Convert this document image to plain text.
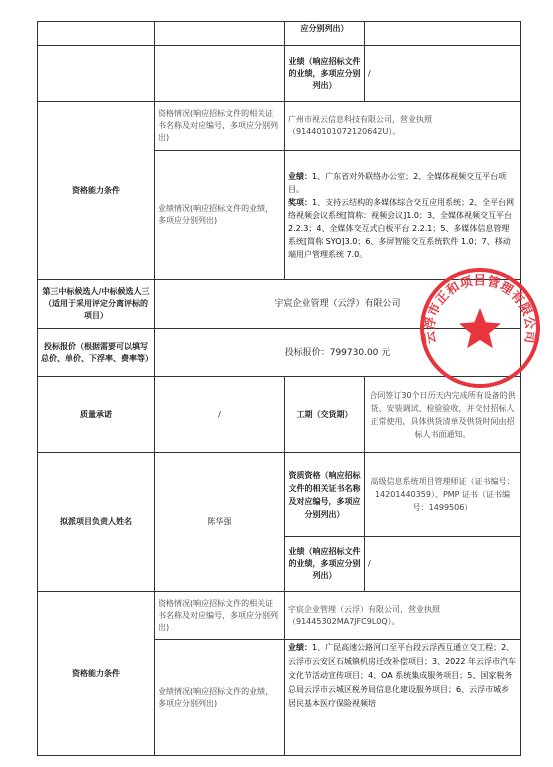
		应分别列出）	
		业绩（响应招标文件的业绩，多项应分别列出）	/
资格能力条件	资格情况(响应招标文件的相关证书名称及对应编号，多项应分别列出)	广州市视云信息科技有限公司，营业执照（91440101072120642U）。	
	业绩情况(响应招标文件的业绩，多项应分别列出)	业绩：1、广东省对外联络办公室；2、全媒体视频交互平台项目。
奖项：1、支持云结构的多媒体综合交互应用系统；2、全平台网络视频会议系统[简称：视频会议]1.0；3、全媒体视频交互平台 2.2.3；4、全媒体交互式白板平台 2.2.1；5、多媒体信息管理系统[简称 SYO]3.0；6、多屏智能交互系统软件 1.0；7、移动端用户管理系统 7.0。	
第三中标候选人/中标候选人三（适用于采用评定分离评标的项目）	宇宸企业管理（云浮）有限公司		
投标报价（根据需要可以填写总价、单价、下浮率、费率等）	投标报价：799730.00 元		
质量承诺	/	工期（交货期）	合同签订30个日历天内完成所有设备的供货、安装调试、检验验收，并交付招标人正常使用，具体供货清单及供货时间由招标人书面通知。
拟派项目负责人姓名	陈华强	资质资格（响应招标文件的相关证书名称及对应编号，多项应分别列出）	高级信息系统项目管理师证（证书编号：14201440359）、PMP 证书（证书编号：1499506）
		业绩（响应招标文件的业绩，多项应分别列出）	/
资格能力条件	资格情况(响应招标文件的相关证书名称及对应编号，多项应分别列出)	宇宸企业管理（云浮）有限公司，营业执照（91445302MA7JFC9L0Q）。	
	业绩情况(响应招标文件的业绩，多项应分别列出)	业绩：1、广昆高速公路河口至平台段云浮西互通立交工程；2、云浮市云安区石城镇机房迁改补偿项目；3、2022 年云浮市汽车文化节活动宣传项目；4、OA 系统集成服务项目；5、国家税务总局云浮市云城区税务局信息化建设服务项目；6、云浮市城乡居民基本医疗保险视频培	
云浮市正和项目管理有限公司
